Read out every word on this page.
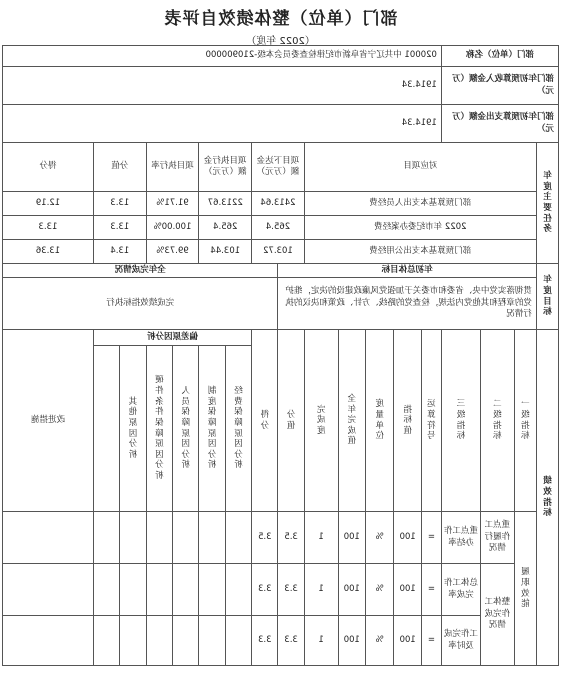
部门（单位）整体绩效自评表
（2022 年度）
部门（单位）名称				020001 中共辽宁省阜新市纪律检查委员会本级-210900000													
部门年初预算收入金额（万元）				1914.34													
部门年初预算支出金额（万元）				1914.34													

年度主要任务	对应项目								项目下达金额（万元）		项目执行金额（万元）		项目执行率		分值		得分
	部门预算基本支出人员经费								2413.64		2213.67		91.71%		13.3		12.19
	2022 年市纪委办案经费								265.4		265.4		100.00%		13.3		13.3
	部门预算基本支出公用经费								103.72		103.44		99.73%		13.4		13.36

年度目标	年初总体目标									全年完成情况							
	贯彻落实党中央、省委和市委关于加强党风廉政建设的决定，维护党的章程和其他党内法规，检查党的路线、方针、政策和决议的执行情况									完成绩效指标执行							

绩效指标	一级指标	二级指标	三级指标	运算符号	指标值	度量单位	全年完成值	完成度	分值	得分	偏差原因分析						改进措施

											经费保障原因分析	制度保障原因分析	人员保障原因分析	硬件条件保障原因分析	其他原因分析		

	履职效能	重点工作履行情况	重点工作办结率	=	100	%	100	1	3.5	3.5							
		整体工作完成情况	总体工作完成率	=	100	%	100	1	3.3	3.3							
			工作完成及时率	=	100	%	100	1	3.3	3.3							
